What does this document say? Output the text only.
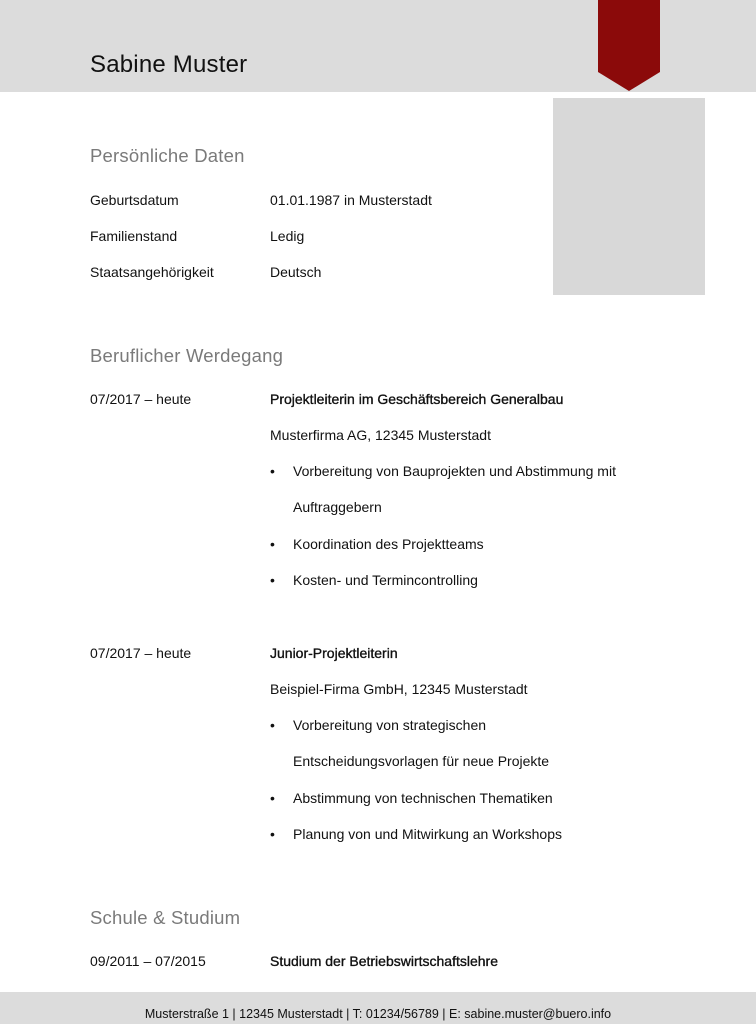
Sabine Muster
Persönliche Daten
Geburtsdatum	01.01.1987 in Musterstadt
Familienstand	Ledig
Staatsangehörigkeit	Deutsch
Beruflicher Werdegang
07/2017 – heute	Projektleiterin im Geschäftsbereich Generalbau
Musterfirma AG, 12345 Musterstadt
• Vorbereitung von Bauprojekten und Abstimmung mit
Auftraggebern
• Koordination des Projektteams
• Kosten- und Termincontrolling
07/2017 – heute	Junior-Projektleiterin
Beispiel-Firma GmbH, 12345 Musterstadt
• Vorbereitung von strategischen
Entscheidungsvorlagen für neue Projekte
• Abstimmung von technischen Thematiken
• Planung von und Mitwirkung an Workshops
Schule & Studium
09/2011 – 07/2015	Studium der Betriebswirtschaftslehre
Musterstraße 1 | 12345 Musterstadt | T: 01234/56789 | E: sabine.muster@buero.info
